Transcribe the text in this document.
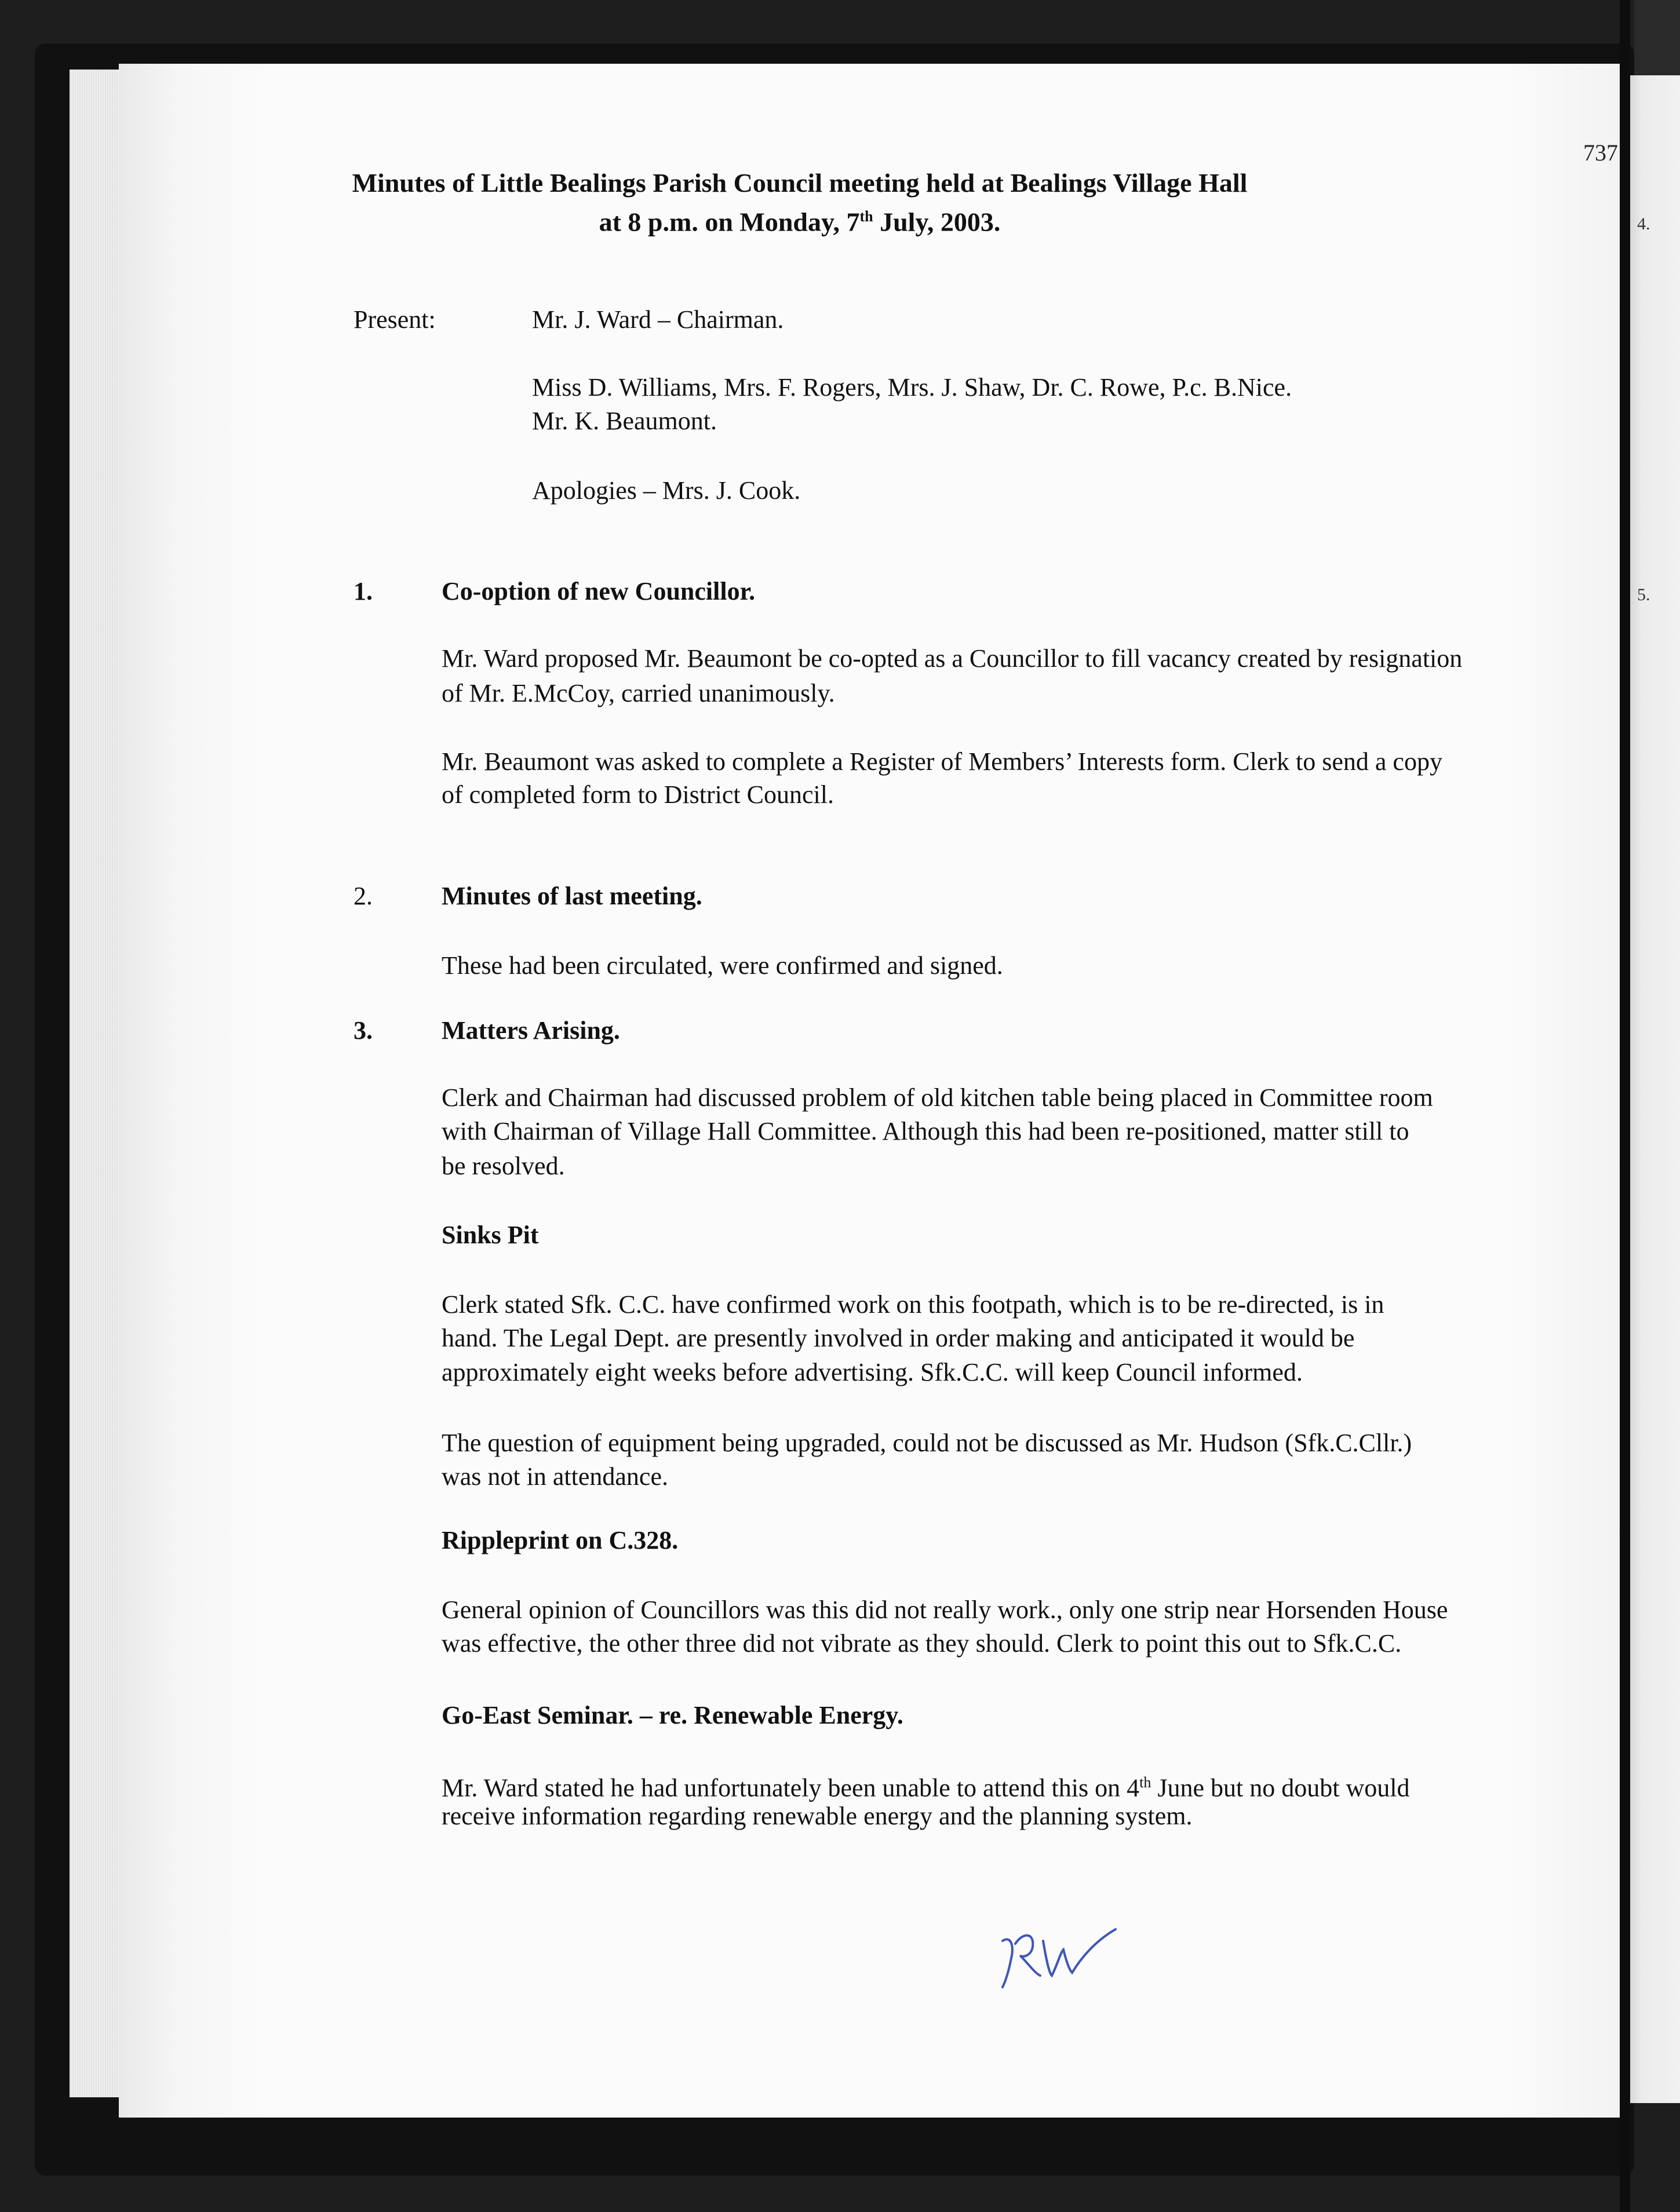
4.
5.
737
Minutes of Little Bealings Parish Council meeting held at Bealings Village Hall
at 8 p.m. on Monday, 7th July, 2003.
Present:	Mr. J. Ward – Chairman.
Miss D. Williams, Mrs. F. Rogers, Mrs. J. Shaw, Dr. C. Rowe, P.c. B.Nice.
Mr. K. Beaumont.
Apologies – Mrs. J. Cook.
1.	Co-option of new Councillor.
Mr. Ward proposed Mr. Beaumont be co-opted as a Councillor to fill vacancy created by resignation
of Mr. E.McCoy, carried unanimously.
Mr. Beaumont was asked to complete a Register of Members’ Interests form. Clerk to send a copy
of completed form to District Council.
2.	Minutes of last meeting.
These had been circulated, were confirmed and signed.
3.	Matters Arising.
Clerk and Chairman had discussed problem of old kitchen table being placed in Committee room
with Chairman of Village Hall Committee. Although this had been re-positioned, matter still to
be resolved.
Sinks Pit
Clerk stated Sfk. C.C. have confirmed work on this footpath, which is to be re-directed, is in
hand. The Legal Dept. are presently involved in order making and anticipated it would be
approximately eight weeks before advertising. Sfk.C.C. will keep Council informed.
The question of equipment being upgraded, could not be discussed as Mr. Hudson (Sfk.C.Cllr.)
was not in attendance.
Rippleprint on C.328.
General opinion of Councillors was this did not really work., only one strip near Horsenden House
was effective, the other three did not vibrate as they should. Clerk to point this out to Sfk.C.C.
Go-East Seminar. – re. Renewable Energy.
Mr. Ward stated he had unfortunately been unable to attend this on 4th June but no doubt would
receive information regarding renewable energy and the planning system.
